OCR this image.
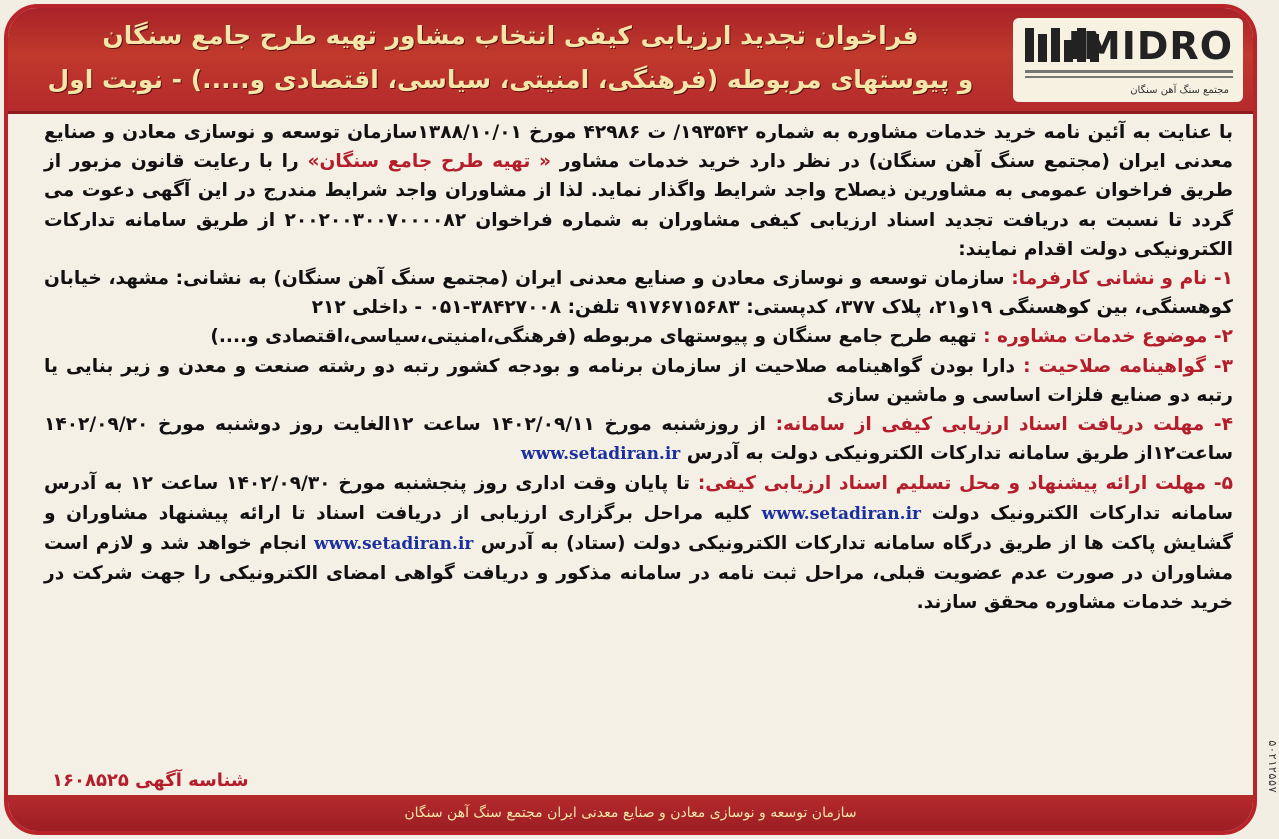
فراخوان تجدید ارزیابی کیفی انتخاب مشاور تهیه طرح جامع سنگان
و پیوستهای مربوطه (فرهنگی، امنیتی، سیاسی، اقتصادی و.....) - نوبت اول
IMIDRO
مجتمع سنگ آهن سنگان

با عنایت به آئین نامه خرید خدمات مشاوره به شماره ۱۹۳۵۴۲/ ت ۴۲۹۸۶ مورخ ۱۳۸۸/۱۰/۰۱سازمان توسعه و نوسازی معادن و صنایع معدنی ایران (مجتمع سنگ آهن سنگان) در نظر دارد خرید خدمات مشاور « تهیه طرح جامع سنگان» را با رعایت قانون مزبور از طریق فراخوان عمومی به مشاورین ذیصلاح واجد شرایط واگذار نماید. لذا از مشاوران واجد شرایط مندرج در این آگهی دعوت می گردد تا نسبت به دریافت تجدید اسناد ارزیابی کیفی مشاوران به شماره فراخوان ۲۰۰۲۰۰۳۰۰۷۰۰۰۰۸۲ از طریق سامانه تدارکات الکترونیکی دولت اقدام نمایند:

۱- نام و نشانی کارفرما: سازمان توسعه و نوسازی معادن و صنایع معدنی ایران (مجتمع سنگ آهن سنگان) به نشانی: مشهد، خیابان کوهسنگی، بین کوهسنگی ۱۹و۲۱، پلاک ۳۷۷، کدپستی: ۹۱۷۶۷۱۵۶۸۳ تلفن: ۳۸۴۲۷۰۰۸-۰۵۱ - داخلی ۲۱۲

۲- موضوع خدمات مشاوره : تهیه طرح جامع سنگان و پیوستهای مربوطه (فرهنگی،امنیتی،سیاسی،اقتصادی و....)

۳- گواهینامه صلاحیت : دارا بودن گواهینامه صلاحیت از سازمان برنامه و بودجه کشور رتبه دو رشته صنعت و معدن و زیر بنایی یا رتبه دو صنایع فلزات اساسی و ماشین سازی

۴- مهلت دریافت اسناد ارزیابی کیفی از سامانه: از روزشنبه مورخ ۱۴۰۲/۰۹/۱۱ ساعت ۱۲الغایت روز دوشنبه مورخ ۱۴۰۲/۰۹/۲۰ ساعت۱۲از طریق سامانه تدارکات الکترونیکی دولت به آدرس www.setadiran.ir

۵- مهلت ارائه پیشنهاد و محل تسلیم اسناد ارزیابی کیفی: تا پایان وقت اداری روز پنجشنبه مورخ ۱۴۰۲/۰۹/۳۰ ساعت ۱۲ به آدرس سامانه تدارکات الکترونیک دولت www.setadiran.ir کلیه مراحل برگزاری ارزیابی از دریافت اسناد تا ارائه پیشنهاد مشاوران و گشایش پاکت ها از طریق درگاه سامانه تدارکات الکترونیکی دولت (ستاد) به آدرس www.setadiran.ir انجام خواهد شد و لازم است مشاوران در صورت عدم عضویت قبلی، مراحل ثبت نامه در سامانه مذکور و دریافت گواهی امضای الکترونیکی را جهت شرکت در خرید خدمات مشاوره محقق سازند.

شناسه آگهی ۱۶۰۸۵۲۵
سازمان توسعه و نوسازی معادن و صنایع معدنی ایران مجتمع سنگ آهن سنگان
۵۰۲۱۲۵۵۷
